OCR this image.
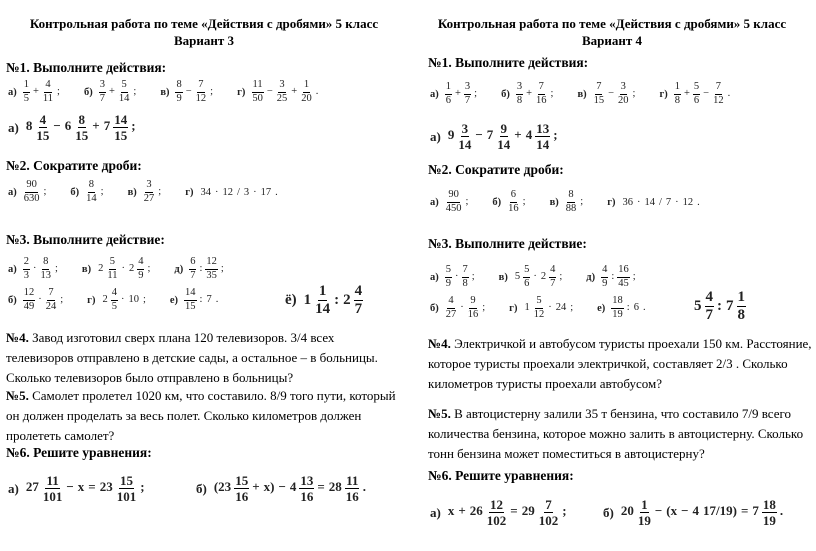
Контрольная работа по теме «Действия с дробями» 5 класс
Вариант 3
№1. Выполните действия:
$а) \frac{1}{5} + \frac{4}{11}$ ; $б) \frac{3}{7} + \frac{5}{14}$ ; $в) \frac{8}{9} - \frac{7}{12}$ ; $г) \frac{11}{50} - \frac{3}{25} + \frac{1}{20}$ .
а) $8 \frac{4}{15} - 6 \frac{8}{15} + 7 \frac{14}{15}$ ;
№2. Сократите дроби:
$а) \frac{90}{630}$ ; $б) \frac{8}{14}$ ; $в) \frac{3}{27}$ ; г) 34 · 12 / 3 · 17 .
№3. Выполните действие:
$а) \frac{2}{3} \cdot \frac{8}{13}$ ; в) $2 \frac{5}{11} \cdot 2 \frac{4}{9}$ ; $д) \frac{6}{7}$ : $\frac{12}{35}$ ;
$б) \frac{12}{49} \cdot \frac{7}{24}$ ; г) $2 \frac{4}{5} \cdot 10$ ; $е) \frac{14}{15}$ : 7 .	ё) $1 \frac{1}{14}$ : $2 \frac{4}{7}$
№4. Завод изготовил сверх плана 120 телевизоров. 3/4 всех телевизоров отправлено в детские сады, а остальное – в больницы. Сколько телевизоров было отправлено в больницы?
№5. Самолет пролетел 1020 км, что составило. 8/9 того пути, который он должен проделать за весь полет. Сколько километров должен пролететь самолет?
№6. Решите уравнения:
а) $27 \frac{11}{101} - x = 23 \frac{15}{101}$ ;	б) $(23 \frac{15}{16} + x) - 4 \frac{13}{16} = 28 \frac{11}{16}$ .
Контрольная работа по теме «Действия с дробями» 5 класс
Вариант 4
№1. Выполните действия:
$а) \frac{1}{6} + \frac{3}{7}$ ; $б) \frac{3}{8} + \frac{7}{16}$ ; $в) \frac{7}{15} - \frac{3}{20}$ ; $г) \frac{1}{8} + \frac{5}{6} - \frac{7}{12}$ .
а) $9 \frac{3}{14} - 7 \frac{9}{14} + 4 \frac{13}{14}$ ;
№2. Сократите дроби:
$а) \frac{90}{450}$ ; $б) \frac{6}{16}$ ; $в) \frac{8}{88}$ ; г) 36 · 14 / 7 · 12 .
№3. Выполните действие:
$а) \frac{5}{9} \cdot \frac{7}{8}$ ; в) $5 \frac{5}{6} \cdot 2 \frac{4}{7}$ ; $д) \frac{4}{9}$ : $\frac{16}{45}$ ;
$б) \frac{4}{27} \cdot \frac{9}{16}$ ; г) $1 \frac{5}{12} \cdot 24$ ; $е) \frac{18}{19}$ : 6 .	$5 \frac{4}{7}$ : $7 \frac{1}{8}$
№4. Электричкой и автобусом туристы проехали 150 км. Расстояние, которое туристы проехали электричкой, составляет 2/3 . Сколько километров туристы проехали автобусом?
№5. В автоцистерну залили 35 т бензина, что составило 7/9 всего количества бензина, которое можно залить в автоцистерну. Сколько тонн бензина может поместиться в автоцистерну?
№6. Решите уравнения:
а) $x + 26 \frac{12}{102} = 29 \frac{7}{102}$ ;	б) $20 \frac{1}{19} - (x - 4$ $17/19) = 7 \frac{18}{19}$ .
